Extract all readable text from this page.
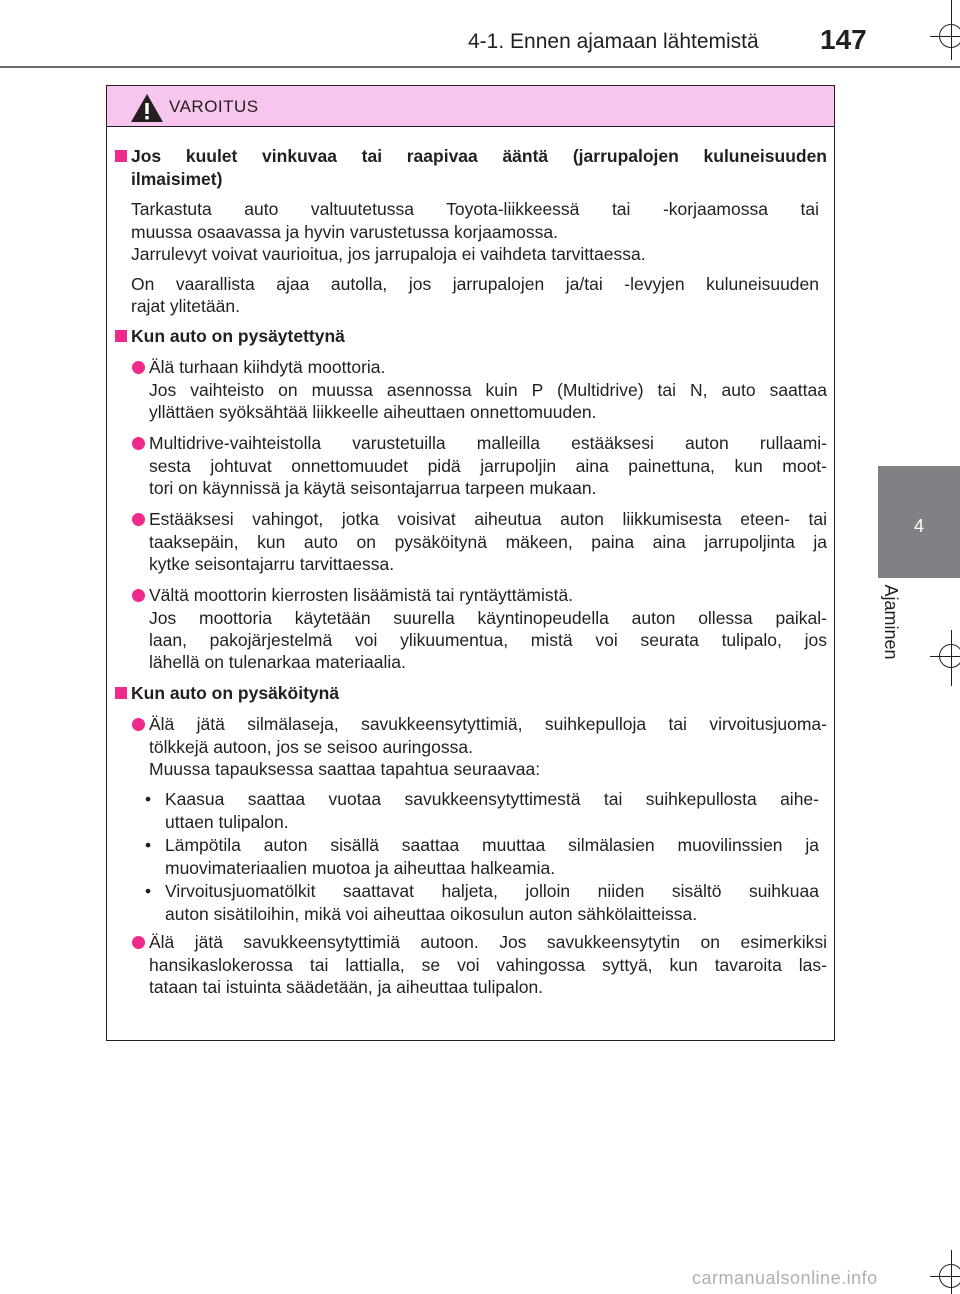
4-1. Ennen ajamaan lähtemistä 147
4
Ajaminen
VAROITUS
Jos kuulet vinkuvaa tai raapivaa ääntä (jarrupalojen kuluneisuuden
ilmaisimet)
Tarkastuta auto valtuutetussa Toyota-liikkeessä tai -korjaamossa tai
muussa osaavassa ja hyvin varustetussa korjaamossa.
Jarrulevyt voivat vaurioitua, jos jarrupaloja ei vaihdeta tarvittaessa.
On vaarallista ajaa autolla, jos jarrupalojen ja/tai -levyjen kuluneisuuden
rajat ylitetään.
Kun auto on pysäytettynä
Älä turhaan kiihdytä moottoria.
Jos vaihteisto on muussa asennossa kuin P (Multidrive) tai N, auto saattaa
yllättäen syöksähtää liikkeelle aiheuttaen onnettomuuden.
Multidrive-vaihteistolla varustetuilla malleilla estääksesi auton rullaami-
sesta johtuvat onnettomuudet pidä jarrupoljin aina painettuna, kun moot-
tori on käynnissä ja käytä seisontajarrua tarpeen mukaan.
Estääksesi vahingot, jotka voisivat aiheutua auton liikkumisesta eteen- tai
taaksepäin, kun auto on pysäköitynä mäkeen, paina aina jarrupoljinta ja
kytke seisontajarru tarvittaessa.
Vältä moottorin kierrosten lisäämistä tai ryntäyttämistä.
Jos moottoria käytetään suurella käyntinopeudella auton ollessa paikal-
laan, pakojärjestelmä voi ylikuumentua, mistä voi seurata tulipalo, jos
lähellä on tulenarkaa materiaalia.
Kun auto on pysäköitynä
Älä jätä silmälaseja, savukkeensytyttimiä, suihkepulloja tai virvoitusjuoma-
tölkkejä autoon, jos se seisoo auringossa.
Muussa tapauksessa saattaa tapahtua seuraavaa:
• Kaasua saattaa vuotaa savukkeensytyttimestä tai suihkepullosta aihe-
uttaen tulipalon.
• Lämpötila auton sisällä saattaa muuttaa silmälasien muovilinssien ja
muovimateriaalien muotoa ja aiheuttaa halkeamia.
• Virvoitusjuomatölkit saattavat haljeta, jolloin niiden sisältö suihkuaa
auton sisätiloihin, mikä voi aiheuttaa oikosulun auton sähkölaitteissa.
Älä jätä savukkeensytyttimiä autoon. Jos savukkeensytytin on esimerkiksi
hansikaslokerossa tai lattialla, se voi vahingossa syttyä, kun tavaroita las-
tataan tai istuinta säädetään, ja aiheuttaa tulipalon.
carmanualsonline.info
